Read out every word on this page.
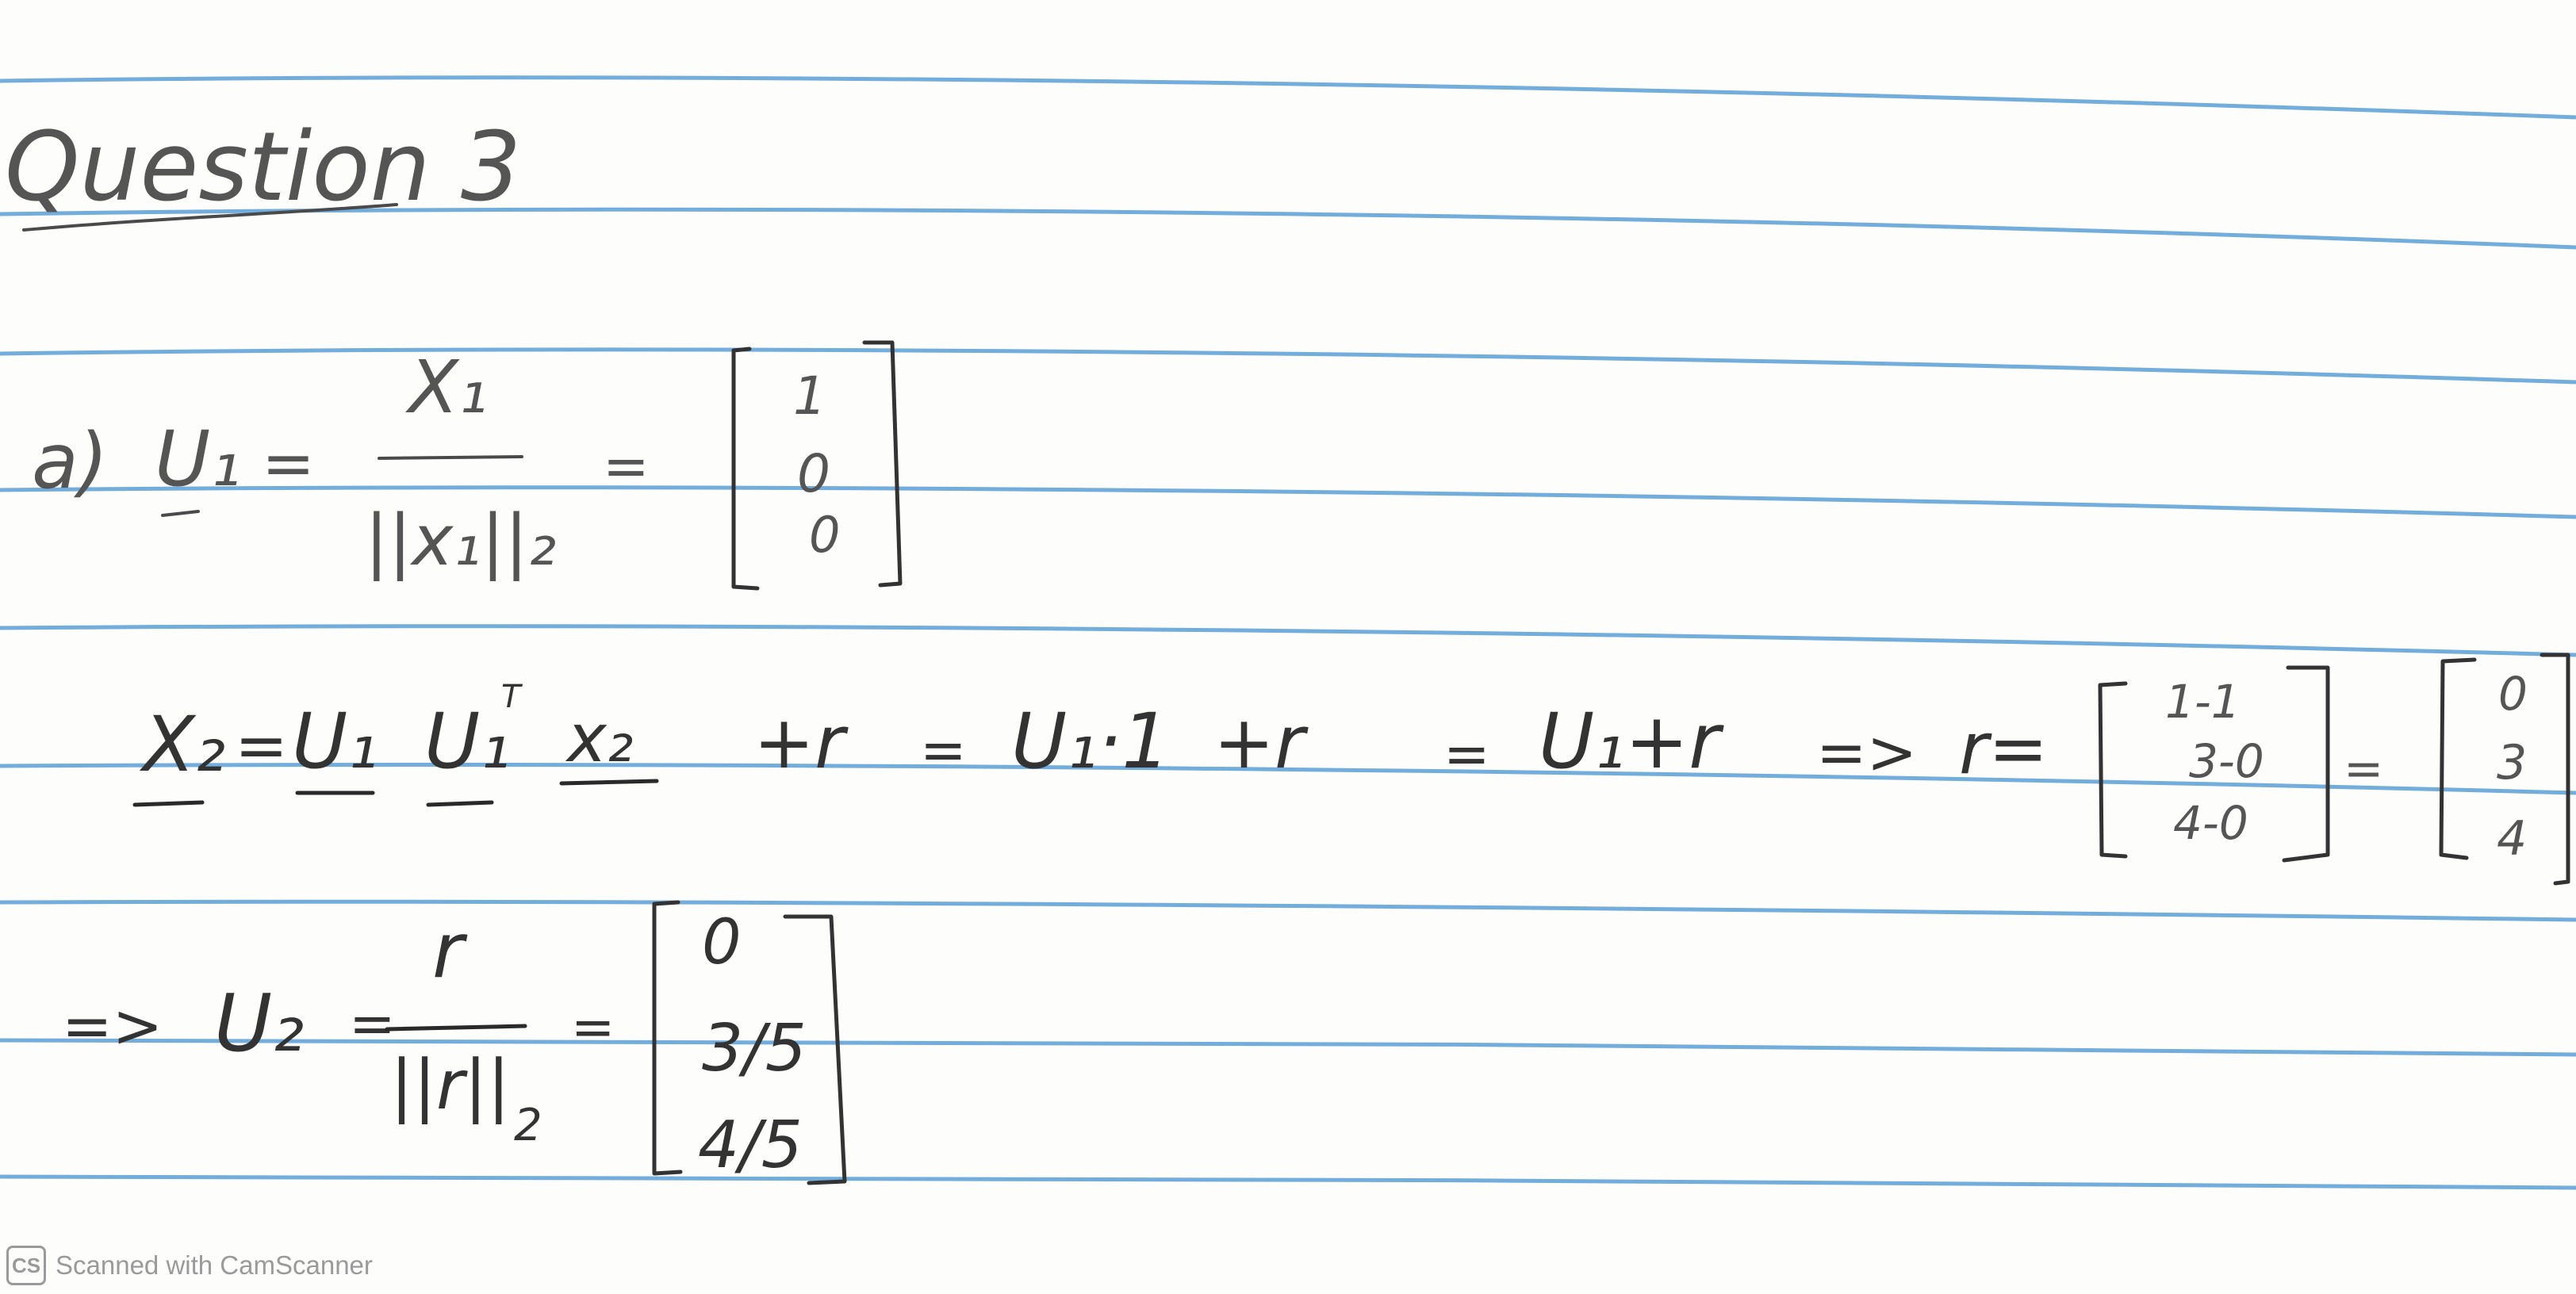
Question 3
a) U₁ =
X₁
||x₁||₂
=
1
0
0
X₂ = U₁ U₁
T
x₂ +r = U₁·1 +r	= U₁+r => r=
1-1
3-0
4-0
=
0
3
4
=> U₂ =
r
||r||
2
=
0
3/5
4/5
CS Scanned with CamScanner
